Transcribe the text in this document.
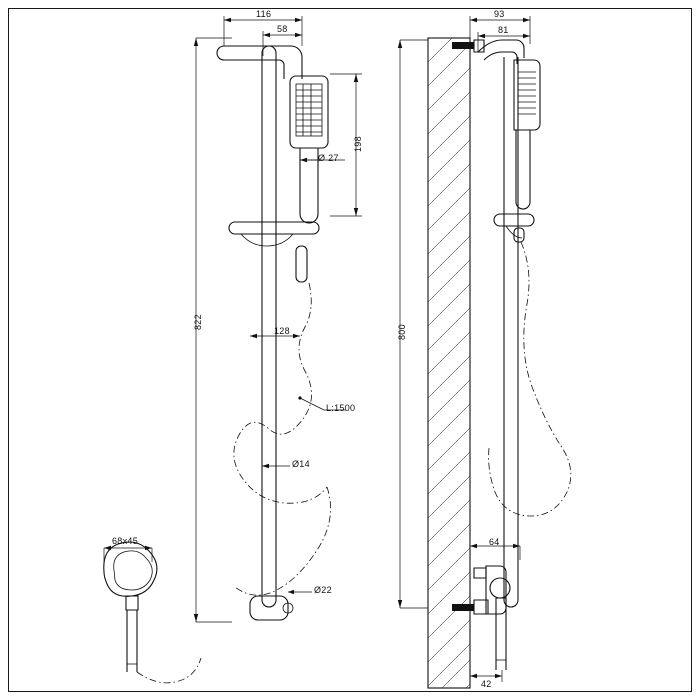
116
58
822
198
Ø 27
128
L:1500
Ø14
Ø22
93
81
800
64
42
68x45
